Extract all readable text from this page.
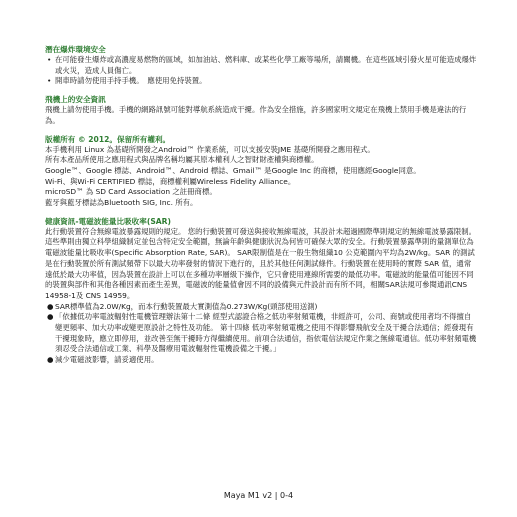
潛在爆炸環境安全

• 在可能發生爆炸或高濃度易燃物的區域，如加油站、燃料庫、或某些化學工廠等場所，請關機。在這些區域引發火星可能造成爆炸或火災，造成人員傷亡。
• 開車時請勿使用手持手機。　應使用免持裝置。

飛機上的安全資訊

飛機上請勿使用手機。手機的網路訊號可能對導航系統造成干擾。作為安全措施，許多國家明文規定在飛機上禁用手機是違法的行為。

版權所有 © 2012。保留所有權利。

本手機利用 Linux 為基礎所開發之Android™ 作業系統，可以支援安裝JME 基礎所開發之應用程式。

所有本產品所使用之應用程式與品牌名稱均屬其原本權利人之智財財產權與商標權。

Google™、Google 標誌、Android™、Android 標誌、Gmail™ 是Google Inc 的商標，使用應經Google同意。

Wi-Fi、與Wi-Fi CERTIFIED 標誌，商標權利屬Wireless Fidelity Alliance。

microSD™ 為 SD Card Association 之註冊商標。

藍牙與藍牙標誌為Bluetooth SIG, Inc. 所有。

健康資訊-電磁波能量比吸收率(SAR)

此行動裝置符合無線電波暴露規則的規定。 您的行動裝置可發送與接收無線電波，其設計未超過國際準則規定的無線電波暴露限制。 這些準則由獨立科學組織制定並包含特定安全範圍，無論年齡與健康狀況為何皆可確保大眾的安全。行動裝置暴露準則的量測單位為電磁波能量比吸收率(Specific Absorption Rate, SAR)。 SAR限制值是在一般生物組織10 公克範圍內平均為2W/kg。SAR 的測試是在行動裝置於所有測試頻帶下以最大功率發射的情況下進行的，且於其他任何測試條件。行動裝置在使用時的實際 SAR 值，通常遠低於最大功率值，因為裝置在設計上可以在多種功率層級下操作，它只會使用連線所需要的最低功率。電磁波的能量值可能因不同的裝置與部件和其他各種因素而產生差異，電磁波的能量值會因不同的設備與元件設計而有所不同，相關SAR法規可參閱通訊CNS 14958-1及 CNS 14959。

● SAR標準值為2.0W/Kg，而本行動裝置最大實測值為0.273W/Kg(頭部使用送測)
● 「依據低功率電波輻射性電機管理辦法第十二條 經型式認證合格之低功率射頻電機，非經許可，公司、商號或使用者均不得擅自變更頻率、加大功率或變更原設計之特性及功能。 第十四條 低功率射頻電機之使用不得影響飛航安全及干擾合法通信；經發現有干擾現象時，應立即停用，並改善至無干擾時方得繼續使用。前項合法通信，指依電信法規定作業之無線電通信。低功率射頻電機須忍受合法通信或工業、科學及醫療用電波輻射性電機設備之干擾。」
● 減少電磁波影響，請妥適使用。
Maya M1 v2 | 0-4
